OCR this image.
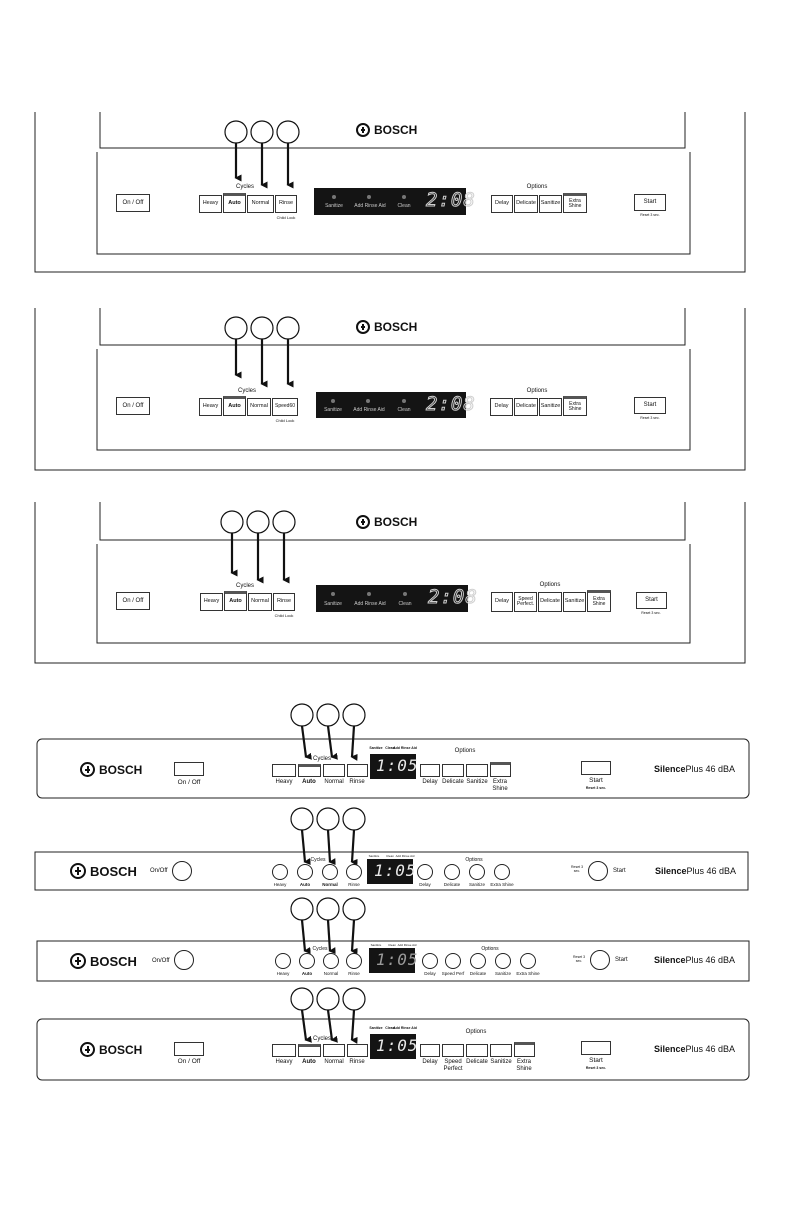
BOSCH
On / Off
Cycles
Heavy	Auto	Normal	Rinse
Child Lock
Sanitize Add Rinse Aid Clean 2:08
Options
Delay	Delicate Sanitize	Extra Shine
Start
Reset 3 sec.
BOSCH
On / Off
Cycles
Heavy	Auto	Normal	Speed60
Child Lock
Sanitize Add Rinse Aid	Clean 2:08
Options
Delay	Delicate Sanitize	Extra Shine
Start
Reset 3 sec.
BOSCH
On / Off
Cycles
Heavy	Auto	Normal	Rinse
Child Lock
Sanitize Add Rinse Aid	Clean 2:08
Options
Delay	Speed Perfect.	Delicate Sanitize	Extra Shine
Start
Reset 3 sec.
BOSCH
On / Off
Cycles
Heavy Auto Normal Rinse
Sanitize Clean
Add Rinse Aid
1:05
Options
Delay Delicate Sanitize Extra Shine
Start
Reset 3 sec.
SilencePlus 46 dBA
BOSCH On/Off
Cycles
Heavy	Auto	Normal Rinse
Sanitize Clean Add Rinse Aid
1:05
Options
Delay	Delicate Sanitize Extra Shine
Reset 3 sec.	Start	SilencePlus 46 dBA
BOSCH	On/Off
Cycles
Heavy	Auto	Normal Rinse
Sanitize Clean Add Rinse Aid
1:05
Options
Delay Speed Perf Delicate Sanitize Extra Shine
Reset 3 sec.	Start	SilencePlus 46 dBA
BOSCH
On / Off
Cycles
Heavy Auto Normal Rinse
Sanitize Clean
Add Rinse Aid
1:05
Options
Delay	Speed Perfect
Delicate Sanitize Extra Shine
Start
Reset 3 sec.
SilencePlus 46 dBA
